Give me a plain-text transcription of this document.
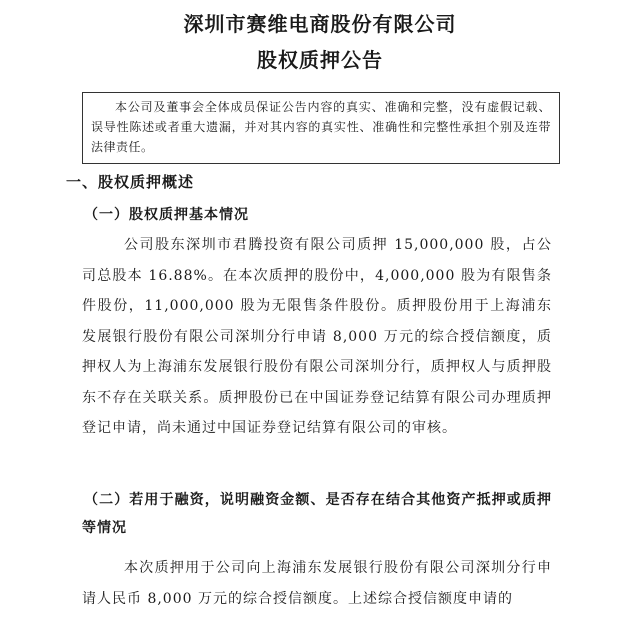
深圳市赛维电商股份有限公司
股权质押公告
本公司及董事会全体成员保证公告内容的真实、准确和完整，没有虚假记载、误导性陈述或者重大遗漏，并对其内容的真实性、准确性和完整性承担个别及连带法律责任。
一、股权质押概述
（一）股权质押基本情况

公司股东深圳市君腾投资有限公司质押 15,000,000 股，占公司总股本 16.88%。在本次质押的股份中，4,000,000 股为有限售条件股份，11,000,000 股为无限售条件股份。质押股份用于上海浦东发展银行股份有限公司深圳分行申请 8,000 万元的综合授信额度，质押权人为上海浦东发展银行股份有限公司深圳分行，质押权人与质押股东不存在关联关系。质押股份已在中国证券登记结算有限公司办理质押登记申请，尚未通过中国证券登记结算有限公司的审核。

（二）若用于融资，说明融资金额、是否存在结合其他资产抵押或质押等情况

本次质押用于公司向上海浦东发展银行股份有限公司深圳分行申请人民币 8,000 万元的综合授信额度。上述综合授信额度申请的
